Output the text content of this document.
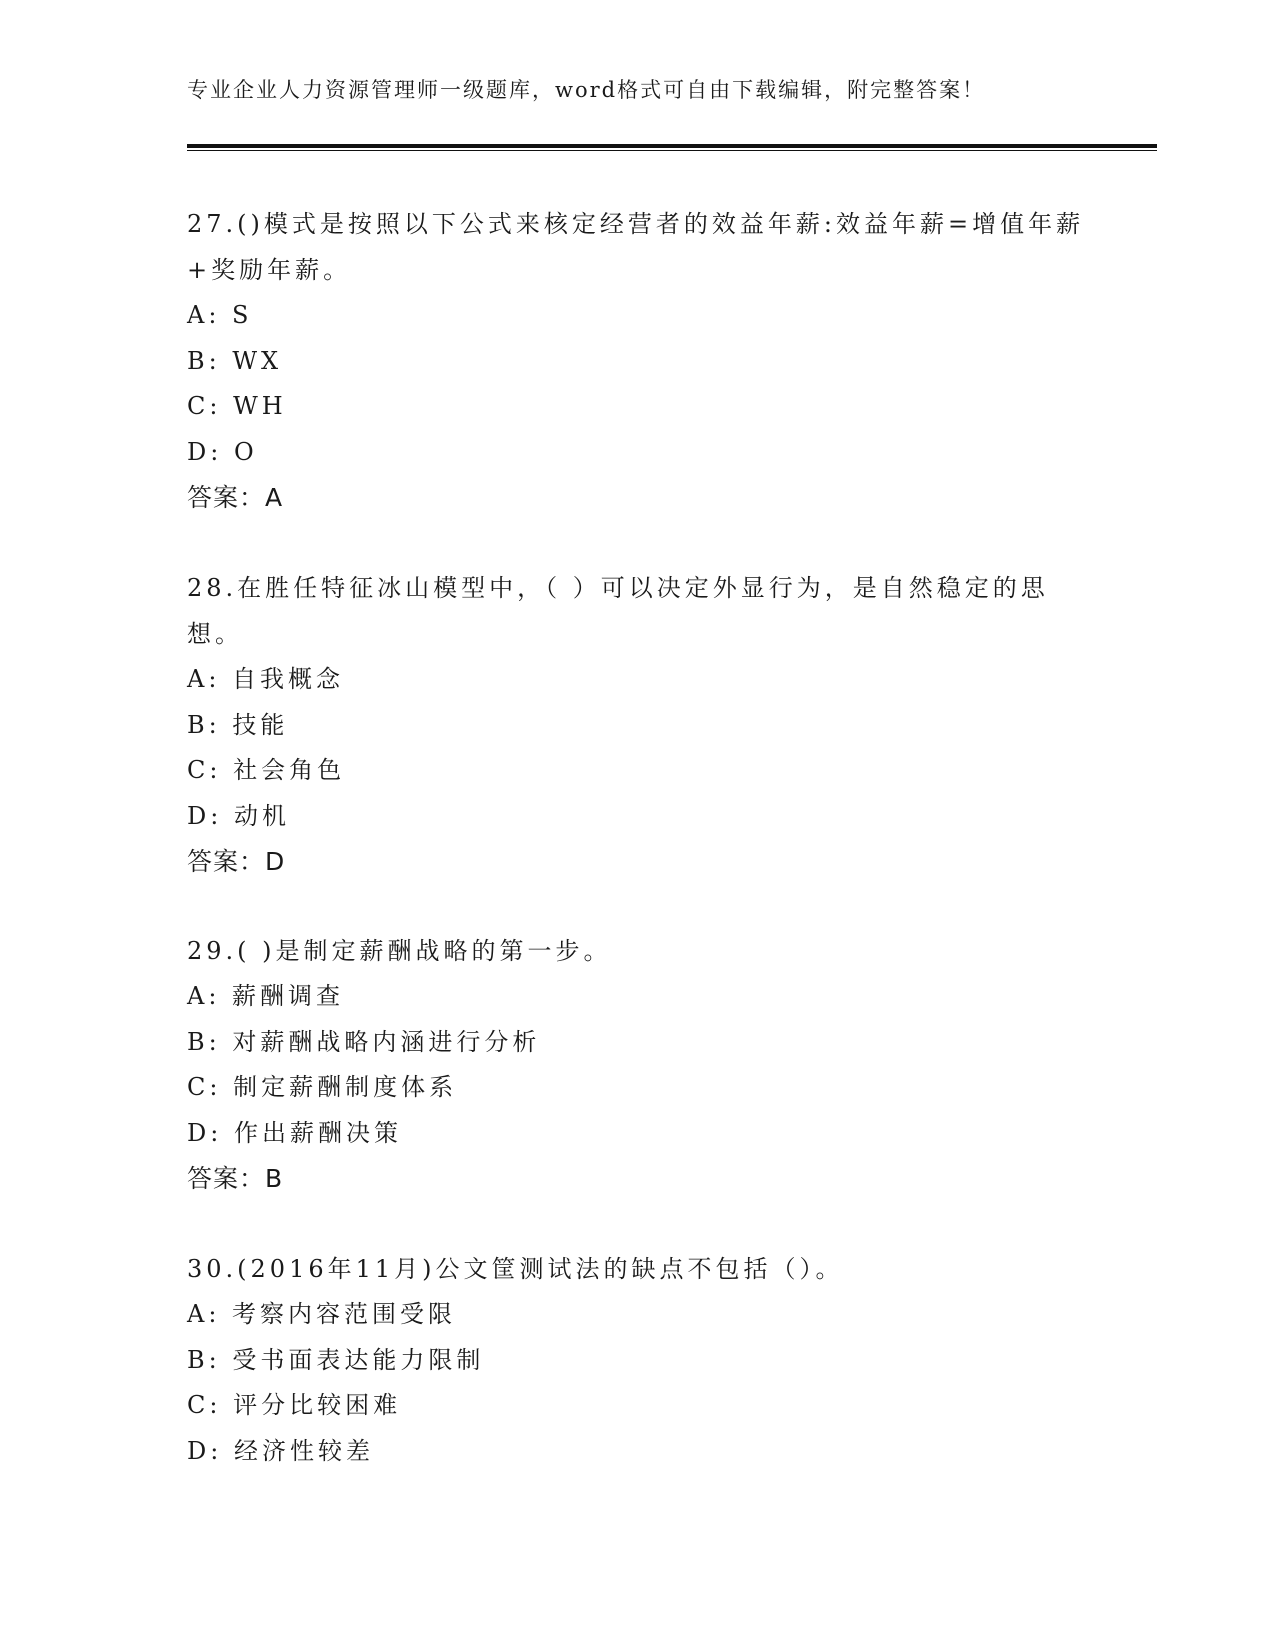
专业企业人力资源管理师一级题库，word格式可自由下载编辑，附完整答案！

27.()模式是按照以下公式来核定经营者的效益年薪:效益年薪=增值年薪+奖励年薪。

A: S

B: WX

C: WH

D: O

答案：A

28.在胜任特征冰山模型中，（ ）可以决定外显行为，是自然稳定的思想。

A: 自我概念

B: 技能

C: 社会角色

D: 动机

答案：D

29.( )是制定薪酬战略的第一步。

A: 薪酬调查

B: 对薪酬战略内涵进行分析

C: 制定薪酬制度体系

D: 作出薪酬决策

答案：B

30.(2016年11月)公文筐测试法的缺点不包括（）。

A: 考察内容范围受限

B: 受书面表达能力限制

C: 评分比较困难

D: 经济性较差
